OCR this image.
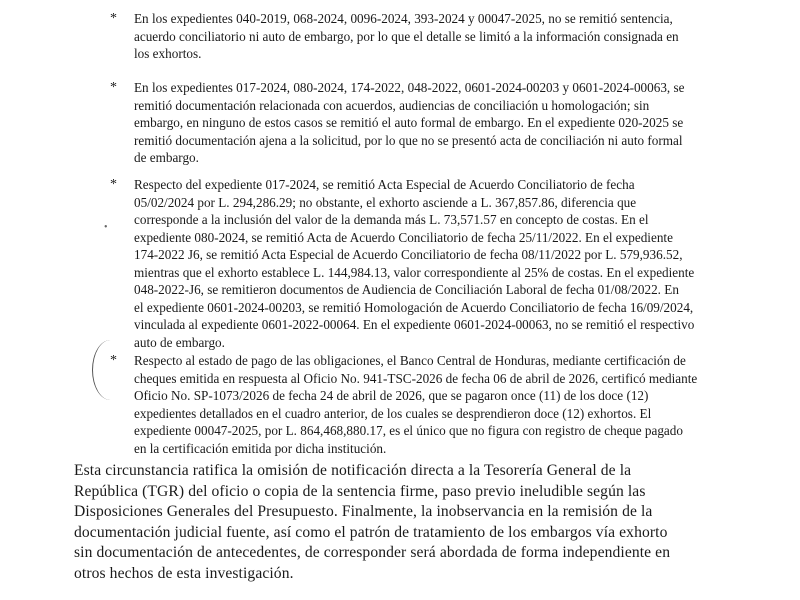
*	En los expedientes 040-2019, 068-2024, 0096-2024, 393-2024 y 00047-2025, no se remitió sentencia,

acuerdo conciliatorio ni auto de embargo, por lo que el detalle se limitó a la información consignada en

los exhortos.

*	En los expedientes 017-2024, 080-2024, 174-2022, 048-2022, 0601-2024-00203 y 0601-2024-00063, se

remitió documentación relacionada con acuerdos, audiencias de conciliación u homologación; sin

embargo, en ninguno de estos casos se remitió el auto formal de embargo. En el expediente 020-2025 se

remitió documentación ajena a la solicitud, por lo que no se presentó acta de conciliación ni auto formal

de embargo.

•
*	Respecto del expediente 017-2024, se remitió Acta Especial de Acuerdo Conciliatorio de fecha

05/02/2024 por L. 294,286.29; no obstante, el exhorto asciende a L. 367,857.86, diferencia que

corresponde a la inclusión del valor de la demanda más L. 73,571.57 en concepto de costas. En el

expediente 080-2024, se remitió Acta de Acuerdo Conciliatorio de fecha 25/11/2022. En el expediente

174-2022 J6, se remitió Acta Especial de Acuerdo Conciliatorio de fecha 08/11/2022 por L. 579,936.52,

mientras que el exhorto establece L. 144,984.13, valor correspondiente al 25% de costas. En el expediente

048-2022-J6, se remitieron documentos de Audiencia de Conciliación Laboral de fecha 01/08/2022. En

el expediente 0601-2024-00203, se remitió Homologación de Acuerdo Conciliatorio de fecha 16/09/2024,

vinculada al expediente 0601-2022-00064. En el expediente 0601-2024-00063, no se remitió el respectivo

auto de embargo.

*	Respecto al estado de pago de las obligaciones, el Banco Central de Honduras, mediante certificación de

cheques emitida en respuesta al Oficio No. 941-TSC-2026 de fecha 06 de abril de 2026, certificó mediante

Oficio No. SP-1073/2026 de fecha 24 de abril de 2026, que se pagaron once (11) de los doce (12)

expedientes detallados en el cuadro anterior, de los cuales se desprendieron doce (12) exhortos. El

expediente 00047-2025, por L. 864,468,880.17, es el único que no figura con registro de cheque pagado

en la certificación emitida por dicha institución.

Esta circunstancia ratifica la omisión de notificación directa a la Tesorería General de la

República (TGR) del oficio o copia de la sentencia firme, paso previo ineludible según las

Disposiciones Generales del Presupuesto. Finalmente, la inobservancia en la remisión de la

documentación judicial fuente, así como el patrón de tratamiento de los embargos vía exhorto

sin documentación de antecedentes, de corresponder será abordada de forma independiente en

otros hechos de esta investigación.
